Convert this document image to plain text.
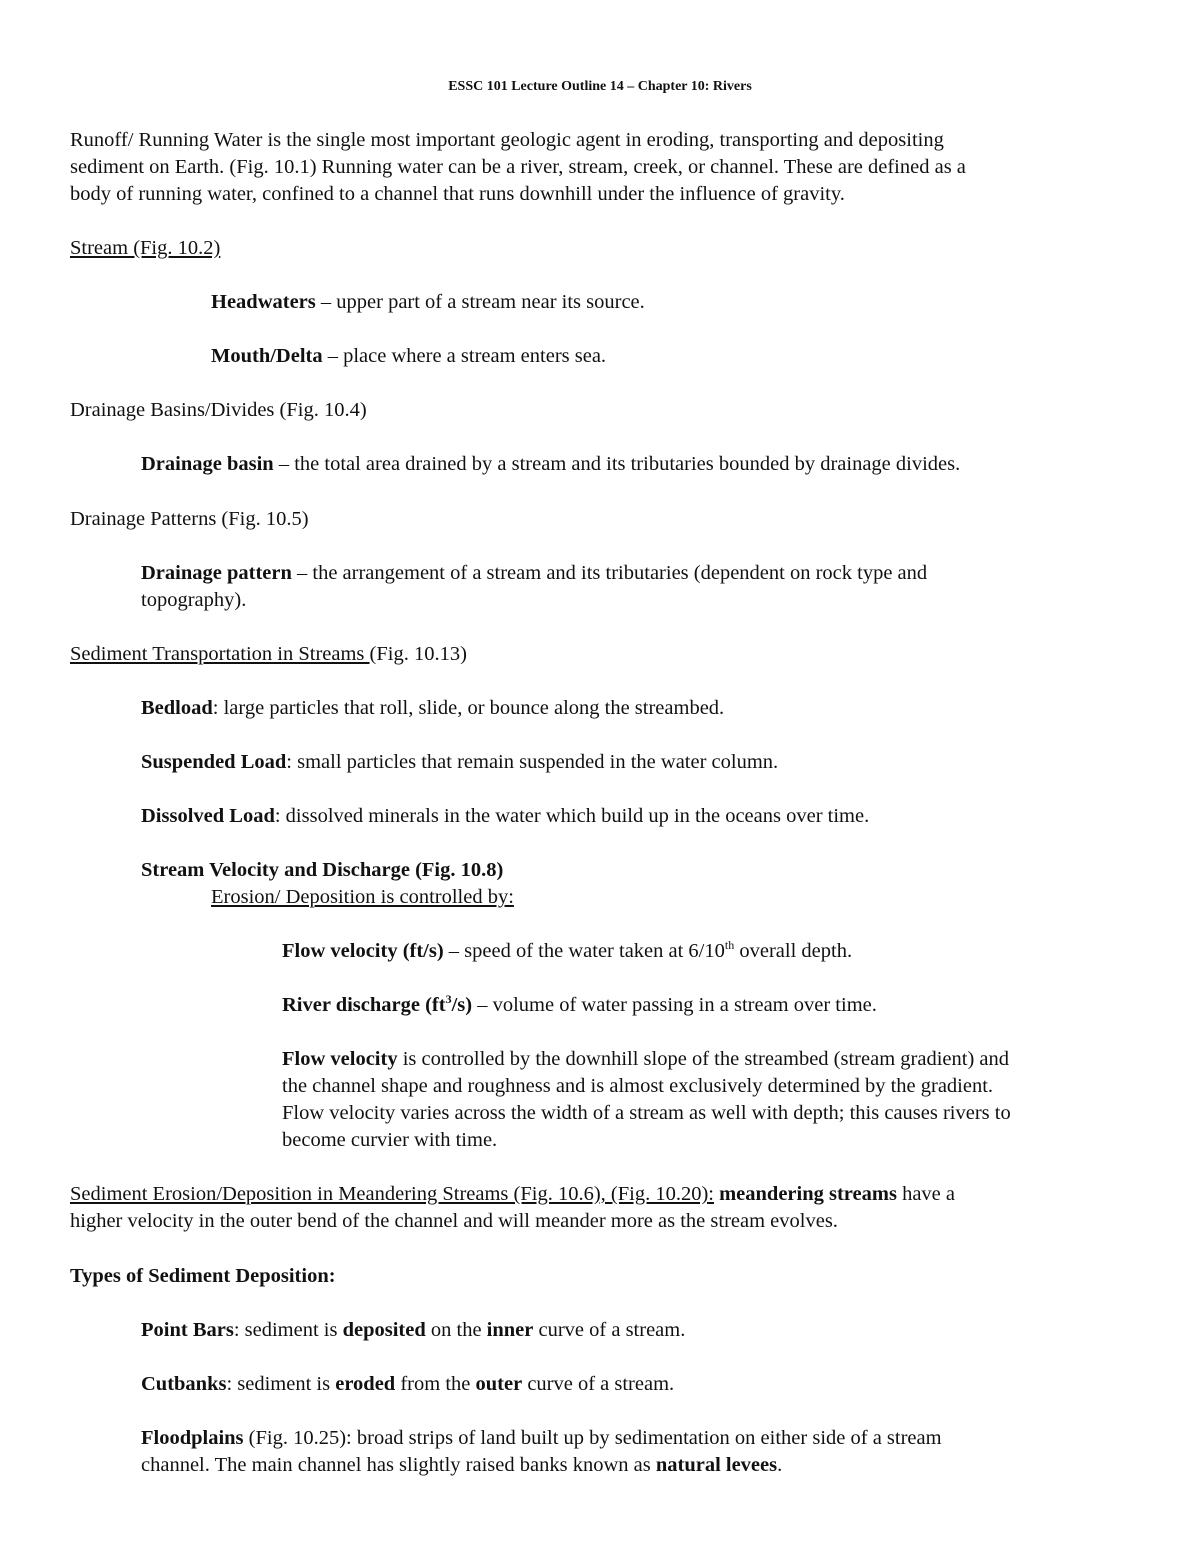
ESSC 101 Lecture Outline 14 – Chapter 10: Rivers
Runoff/ Running Water is the single most important geologic agent in eroding, transporting and depositing
sediment on Earth. (Fig. 10.1) Running water can be a river, stream, creek, or channel. These are defined as a
body of running water, confined to a channel that runs downhill under the influence of gravity.
Stream (Fig. 10.2)
Headwaters – upper part of a stream near its source.
Mouth/Delta – place where a stream enters sea.
Drainage Basins/Divides (Fig. 10.4)
Drainage basin – the total area drained by a stream and its tributaries bounded by drainage divides.
Drainage Patterns (Fig. 10.5)
Drainage pattern – the arrangement of a stream and its tributaries (dependent on rock type and
topography).
Sediment Transportation in Streams (Fig. 10.13)
Bedload: large particles that roll, slide, or bounce along the streambed.
Suspended Load: small particles that remain suspended in the water column.
Dissolved Load: dissolved minerals in the water which build up in the oceans over time.
Stream Velocity and Discharge (Fig. 10.8)
Erosion/ Deposition is controlled by:
Flow velocity (ft/s) – speed of the water taken at 6/10th overall depth.
River discharge $(ft^3/s)$ – volume of water passing in a stream over time.
Flow velocity is controlled by the downhill slope of the streambed (stream gradient) and
the channel shape and roughness and is almost exclusively determined by the gradient.
Flow velocity varies across the width of a stream as well with depth; this causes rivers to
become curvier with time.
Sediment Erosion/Deposition in Meandering Streams (Fig. 10.6), (Fig. 10.20): meandering streams have a
higher velocity in the outer bend of the channel and will meander more as the stream evolves.
Types of Sediment Deposition:
Point Bars: sediment is deposited on the inner curve of a stream.
Cutbanks: sediment is eroded from the outer curve of a stream.
Floodplains (Fig. 10.25): broad strips of land built up by sedimentation on either side of a stream
channel. The main channel has slightly raised banks known as natural levees.
